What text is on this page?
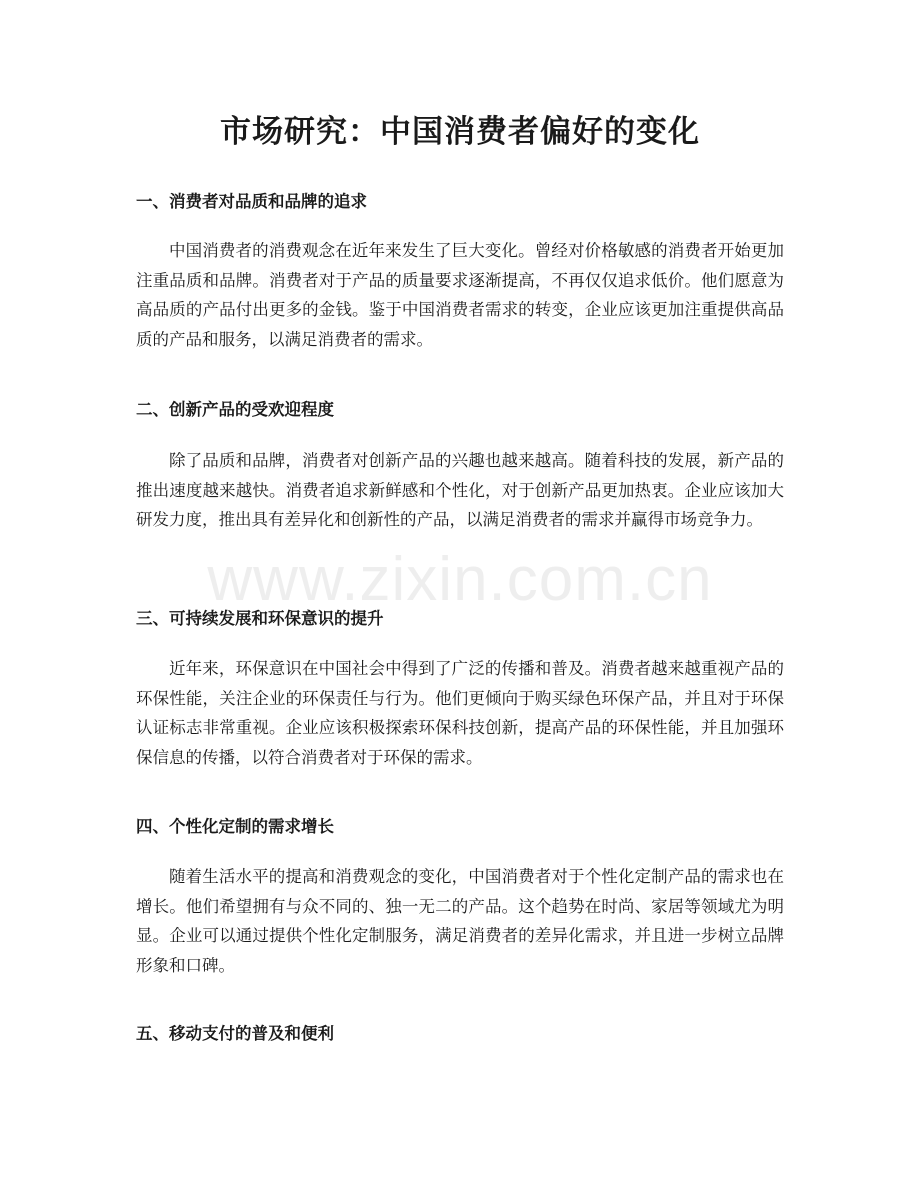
市场研究：中国消费者偏好的变化
一、消费者对品质和品牌的追求

中国消费者的消费观念在近年来发生了巨大变化。曾经对价格敏感的消费者开始更加注重品质和品牌。消费者对于产品的质量要求逐渐提高，不再仅仅追求低价。他们愿意为高品质的产品付出更多的金钱。鉴于中国消费者需求的转变，企业应该更加注重提供高品质的产品和服务，以满足消费者的需求。

二、创新产品的受欢迎程度

除了品质和品牌，消费者对创新产品的兴趣也越来越高。随着科技的发展，新产品的推出速度越来越快。消费者追求新鲜感和个性化，对于创新产品更加热衷。企业应该加大研发力度，推出具有差异化和创新性的产品，以满足消费者的需求并赢得市场竞争力。

三、可持续发展和环保意识的提升

近年来，环保意识在中国社会中得到了广泛的传播和普及。消费者越来越重视产品的环保性能，关注企业的环保责任与行为。他们更倾向于购买绿色环保产品，并且对于环保认证标志非常重视。企业应该积极探索环保科技创新，提高产品的环保性能，并且加强环保信息的传播，以符合消费者对于环保的需求。

四、个性化定制的需求增长

随着生活水平的提高和消费观念的变化，中国消费者对于个性化定制产品的需求也在增长。他们希望拥有与众不同的、独一无二的产品。这个趋势在时尚、家居等领域尤为明显。企业可以通过提供个性化定制服务，满足消费者的差异化需求，并且进一步树立品牌形象和口碑。

五、移动支付的普及和便利
www.zixin.com.cn
